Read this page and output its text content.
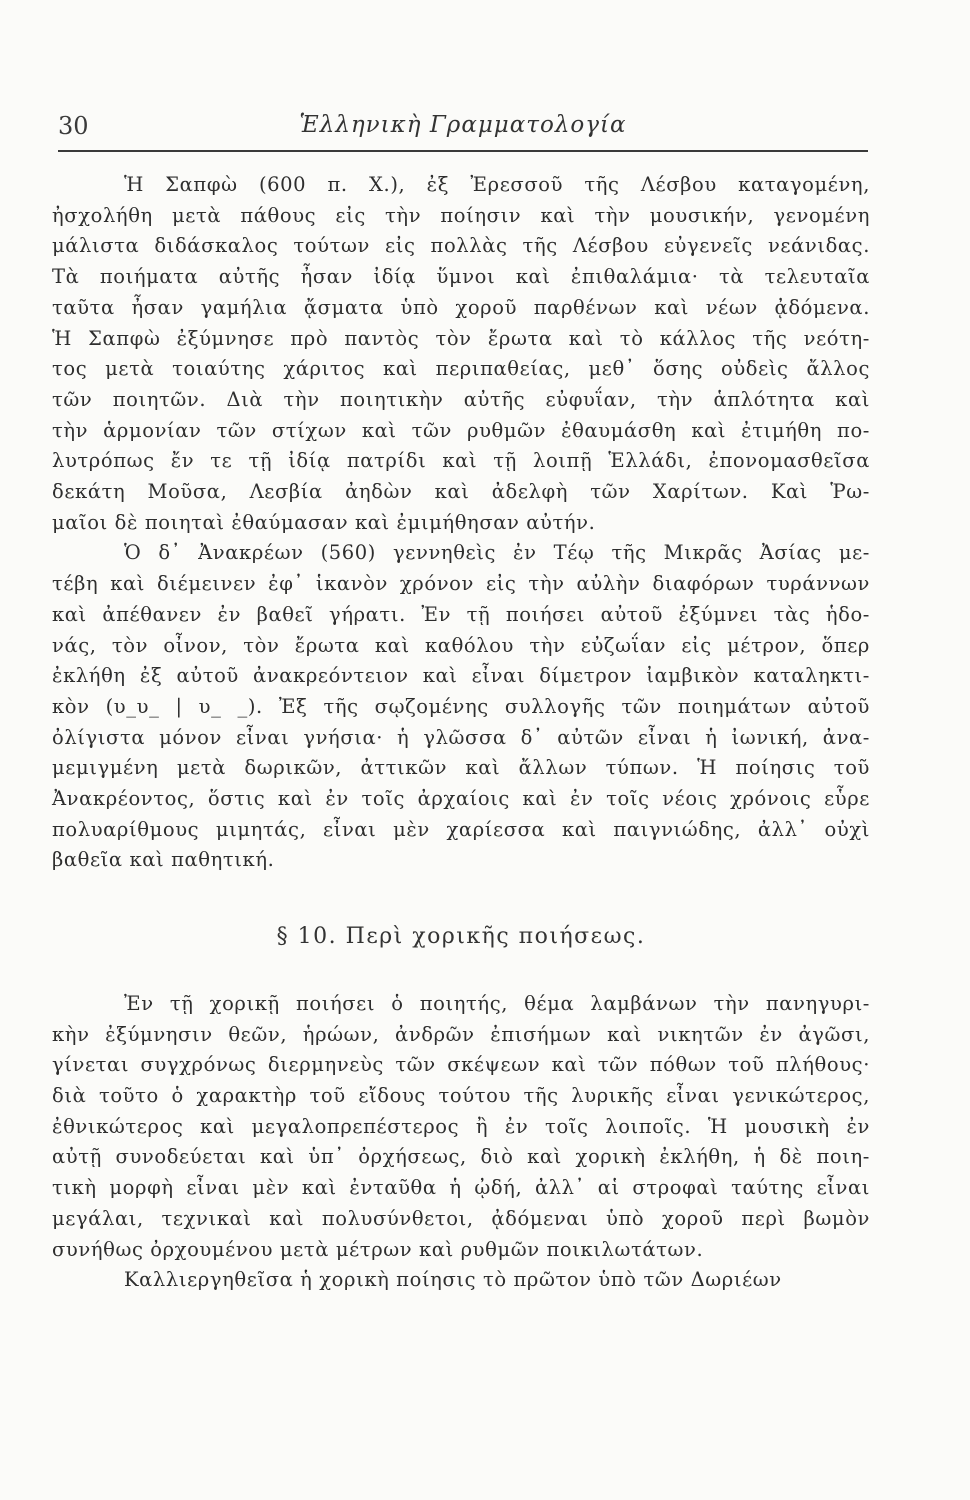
30	Ἑλληνικὴ Γραμματολογία

Ἡ Σαπφὼ (600 π. Χ.), ἐξ Ἐρεσσοῦ τῆς Λέσβου καταγομένη,
ἠσχολήθη μετὰ πάθους εἰς τὴν ποίησιν καὶ τὴν μουσικήν, γενομένη
μάλιστα διδάσκαλος τούτων εἰς πολλὰς τῆς Λέσβου εὐγενεῖς νεάνιδας.
Τὰ ποιήματα αὐτῆς ἦσαν ἰδίᾳ ὕμνοι καὶ ἐπιθαλάμια· τὰ τελευταῖα
ταῦτα ἦσαν γαμήλια ᾄσματα ὑπὸ χοροῦ παρθένων καὶ νέων ᾀδόμενα.
Ἡ Σαπφὼ ἐξύμνησε πρὸ παντὸς τὸν ἔρωτα καὶ τὸ κάλλος τῆς νεότη-
τος μετὰ τοιαύτης χάριτος καὶ περιπαθείας, μεθ᾽ ὅσης οὐδεὶς ἄλλος
τῶν ποιητῶν. Διὰ τὴν ποιητικὴν αὐτῆς εὐφυΐαν, τὴν ἁπλότητα καὶ
τὴν ἁρμονίαν τῶν στίχων καὶ τῶν ρυθμῶν ἐθαυμάσθη καὶ ἐτιμήθη πο-
λυτρόπως ἔν τε τῇ ἰδίᾳ πατρίδι καὶ τῇ λοιπῇ Ἑλλάδι, ἐπονομασθεῖσα
δεκάτη Μοῦσα, Λεσβία ἀηδὼν καὶ ἀδελφὴ τῶν Χαρίτων. Καὶ Ῥω-
μαῖοι δὲ ποιηταὶ ἐθαύμασαν καὶ ἐμιμήθησαν αὐτήν.

Ὁ δ᾽ Ἀνακρέων (560) γεννηθεὶς ἐν Τέῳ τῆς Μικρᾶς Ἀσίας με-
τέβη καὶ διέμεινεν ἐφ᾽ ἱκανὸν χρόνον εἰς τὴν αὐλὴν διαφόρων τυράννων
καὶ ἀπέθανεν ἐν βαθεῖ γήρατι. Ἐν τῇ ποιήσει αὐτοῦ ἐξύμνει τὰς ἡδο-
νάς, τὸν οἶνον, τὸν ἔρωτα καὶ καθόλου τὴν εὐζωΐαν εἰς μέτρον, ὅπερ
ἐκλήθη ἐξ αὐτοῦ ἀνακρεόντειον καὶ εἶναι δίμετρον ἰαμβικὸν καταληκτι-
κὸν (υ_υ_ | υ_ _). Ἐξ τῆς σῳζομένης συλλογῆς τῶν ποιημάτων αὐτοῦ
ὀλίγιστα μόνον εἶναι γνήσια· ἡ γλῶσσα δ᾽ αὐτῶν εἶναι ἡ ἰωνική, ἀνα-
μεμιγμένη μετὰ δωρικῶν, ἀττικῶν καὶ ἄλλων τύπων. Ἡ ποίησις τοῦ
Ἀνακρέοντος, ὅστις καὶ ἐν τοῖς ἀρχαίοις καὶ ἐν τοῖς νέοις χρόνοις εὗρε
πολυαρίθμους μιμητάς, εἶναι μὲν χαρίεσσα καὶ παιγνιώδης, ἀλλ᾽ οὐχὶ
βαθεῖα καὶ παθητική.

§ 10. Περὶ χορικῆς ποιήσεως.

Ἐν τῇ χορικῇ ποιήσει ὁ ποιητής, θέμα λαμβάνων τὴν πανηγυρι-
κὴν ἐξύμνησιν θεῶν, ἡρώων, ἀνδρῶν ἐπισήμων καὶ νικητῶν ἐν ἀγῶσι,
γίνεται συγχρόνως διερμηνεὺς τῶν σκέψεων καὶ τῶν πόθων τοῦ πλήθους·
διὰ τοῦτο ὁ χαρακτὴρ τοῦ εἴδους τούτου τῆς λυρικῆς εἶναι γενικώτερος,
ἐθνικώτερος καὶ μεγαλοπρεπέστερος ἢ ἐν τοῖς λοιποῖς. Ἡ μουσικὴ ἐν
αὐτῇ συνοδεύεται καὶ ὑπ᾽ ὀρχήσεως, διὸ καὶ χορικὴ ἐκλήθη, ἡ δὲ ποιη-
τικὴ μορφὴ εἶναι μὲν καὶ ἐνταῦθα ἡ ᾠδή, ἀλλ᾽ αἱ στροφαὶ ταύτης εἶναι
μεγάλαι, τεχνικαὶ καὶ πολυσύνθετοι, ᾀδόμεναι ὑπὸ χοροῦ περὶ βωμὸν
συνήθως ὀρχουμένου μετὰ μέτρων καὶ ρυθμῶν ποικιλωτάτων.

Καλλιεργηθεῖσα ἡ χορικὴ ποίησις τὸ πρῶτον ὑπὸ τῶν Δωριέων
